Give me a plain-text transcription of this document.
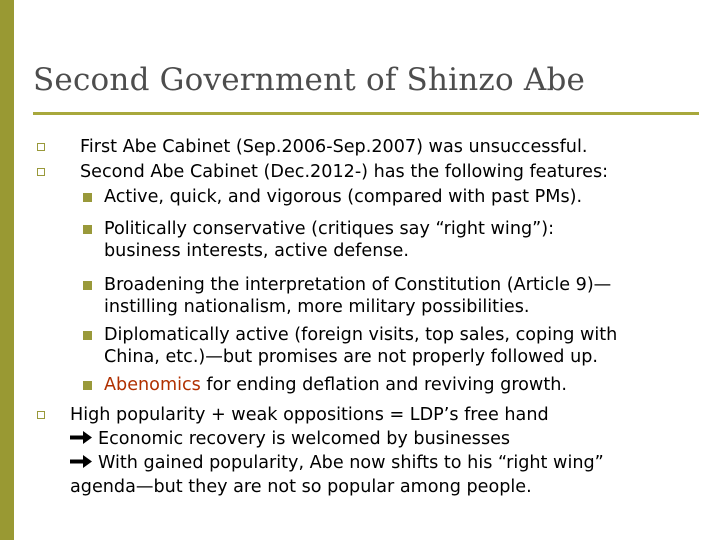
Second Government of Shinzo Abe
First Abe Cabinet (Sep.2006-Sep.2007) was unsuccessful.
Second Abe Cabinet (Dec.2012-) has the following features:
Active, quick, and vigorous (compared with past PMs).
Politically conservative (critiques say “right wing”):
business interests, active defense.
Broadening the interpretation of Constitution (Article 9)—
instilling nationalism, more military possibilities.
Diplomatically active (foreign visits, top sales, coping with
China, etc.)—but promises are not properly followed up.
Abenomics for ending deflation and reviving growth.
High popularity + weak oppositions = LDP’s free hand
Economic recovery is welcomed by businesses
With gained popularity, Abe now shifts to his “right wing”
agenda—but they are not so popular among people.
